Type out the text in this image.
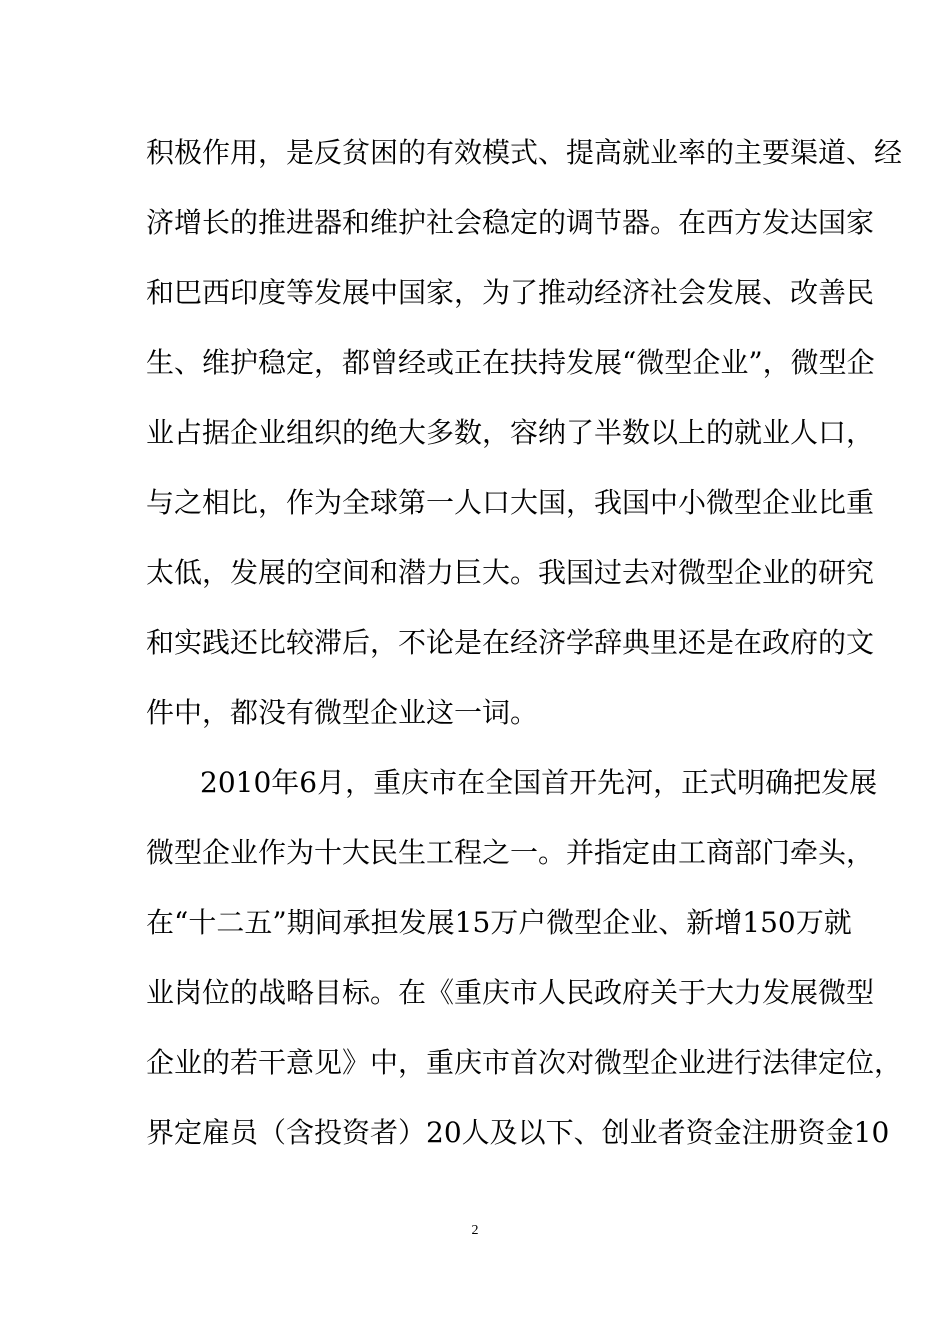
积极作用，是反贫困的有效模式、提高就业率的主要渠道、经
济增长的推进器和维护社会稳定的调节器。在西方发达国家
和巴西印度等发展中国家，为了推动经济社会发展、改善民
生、维护稳定，都曾经或正在扶持发展“微型企业”，微型企
业占据企业组织的绝大多数，容纳了半数以上的就业人口，
与之相比，作为全球第一人口大国，我国中小微型企业比重
太低，发展的空间和潜力巨大。我国过去对微型企业的研究
和实践还比较滞后，不论是在经济学辞典里还是在政府的文
件中，都没有微型企业这一词。
2010年6月，重庆市在全国首开先河，正式明确把发展
微型企业作为十大民生工程之一。并指定由工商部门牵头，
在“十二五”期间承担发展15万户微型企业、新增150万就
业岗位的战略目标。在《重庆市人民政府关于大力发展微型
企业的若干意见》中，重庆市首次对微型企业进行法律定位，
界定雇员（含投资者）20人及以下、创业者资金注册资金10
2
